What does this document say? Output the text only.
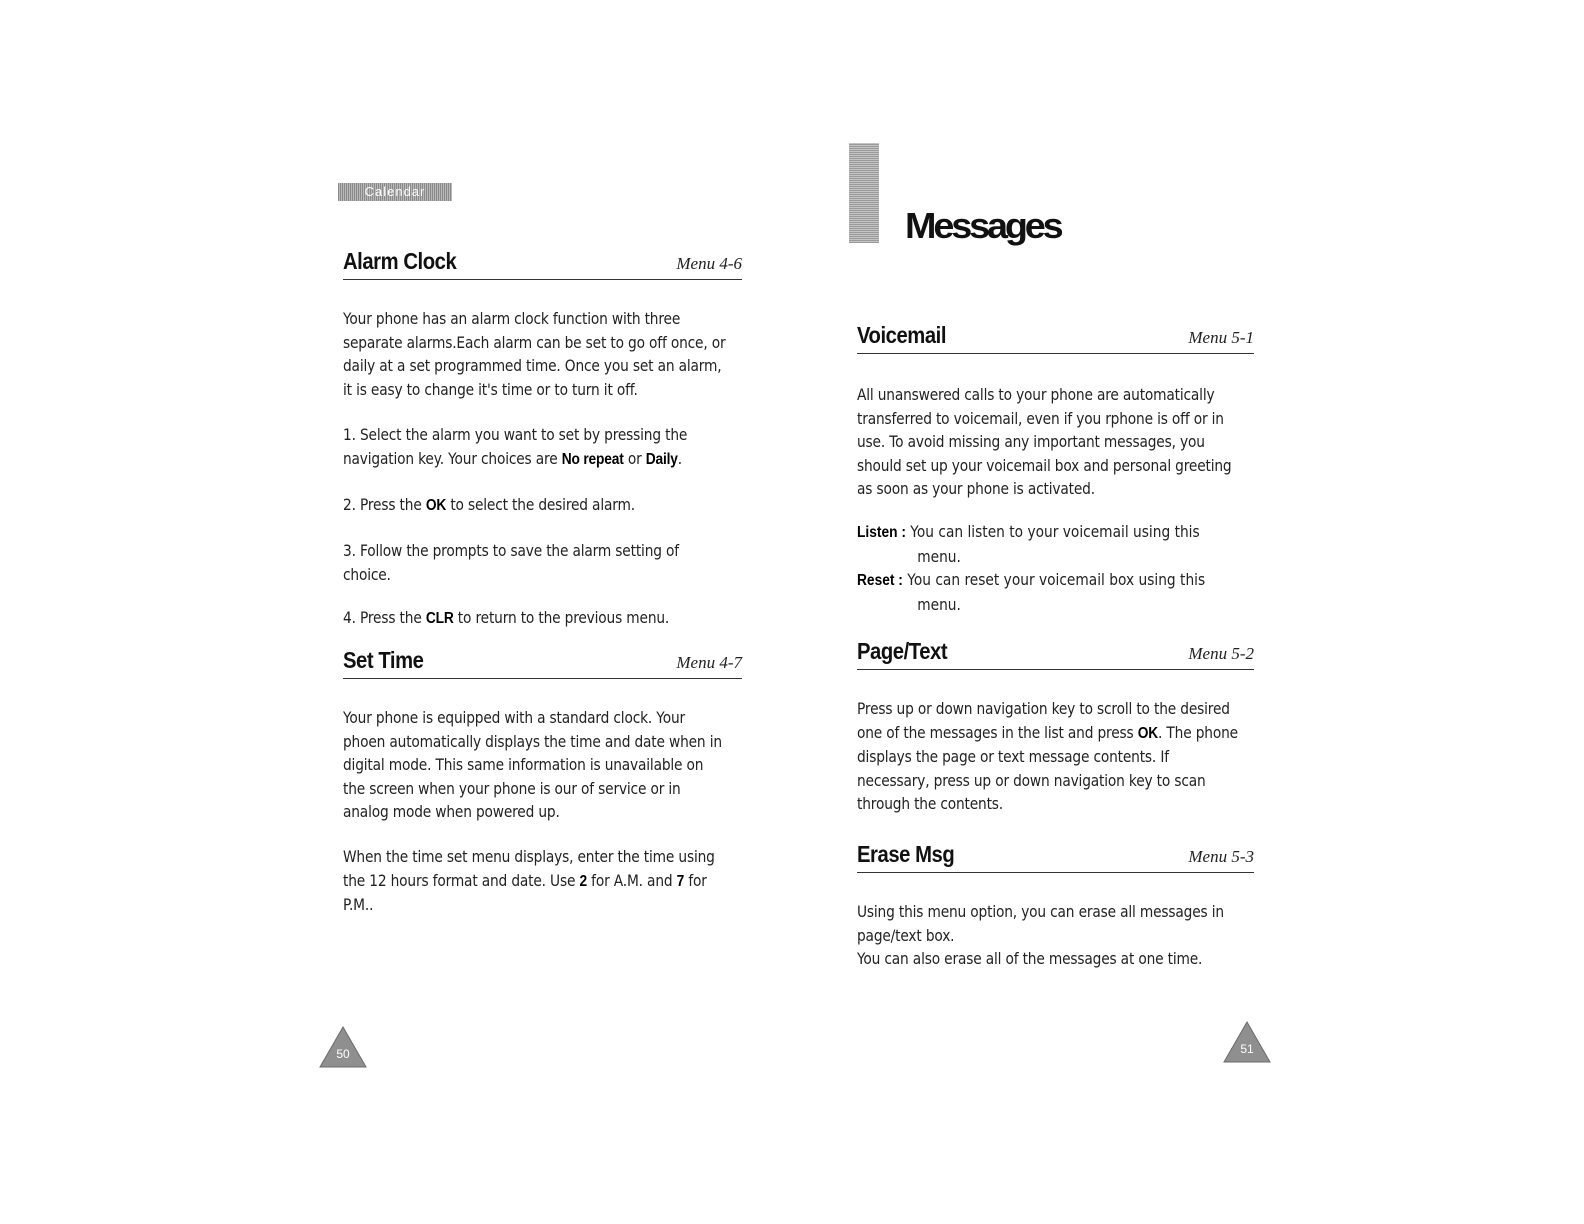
Calendar
Alarm Clock	Menu 4-6
Your phone has an alarm clock function with three
separate alarms.Each alarm can be set to go off once, or
daily at a set programmed time. Once you set an alarm,
it is easy to change it's time or to turn it off.
1. Select the alarm you want to set by pressing the
navigation key. Your choices are No repeat or Daily.
2. Press the OK to select the desired alarm.
3. Follow the prompts to save the alarm setting of
choice.
4. Press the CLR to return to the previous menu.
Set Time	Menu 4-7
Your phone is equipped with a standard clock. Your
phoen automatically displays the time and date when in
digital mode. This same information is unavailable on
the screen when your phone is our of service or in
analog mode when powered up.
When the time set menu displays, enter the time using
the 12 hours format and date. Use 2 for A.M. and 7 for
P.M..
50
Messages
Voicemail	Menu 5-1
All unanswered calls to your phone are automatically
transferred to voicemail, even if you rphone is off or in
use. To avoid missing any important messages, you
should set up your voicemail box and personal greeting
as soon as your phone is activated.
Listen : You can listen to your voicemail using this
menu.
Reset : You can reset your voicemail box using this
menu.
Page/Text	Menu 5-2
Press up or down navigation key to scroll to the desired
one of the messages in the list and press OK. The phone
displays the page or text message contents. If
necessary, press up or down navigation key to scan
through the contents.
Erase Msg	Menu 5-3
Using this menu option, you can erase all messages in
page/text box.
You can also erase all of the messages at one time.
51
